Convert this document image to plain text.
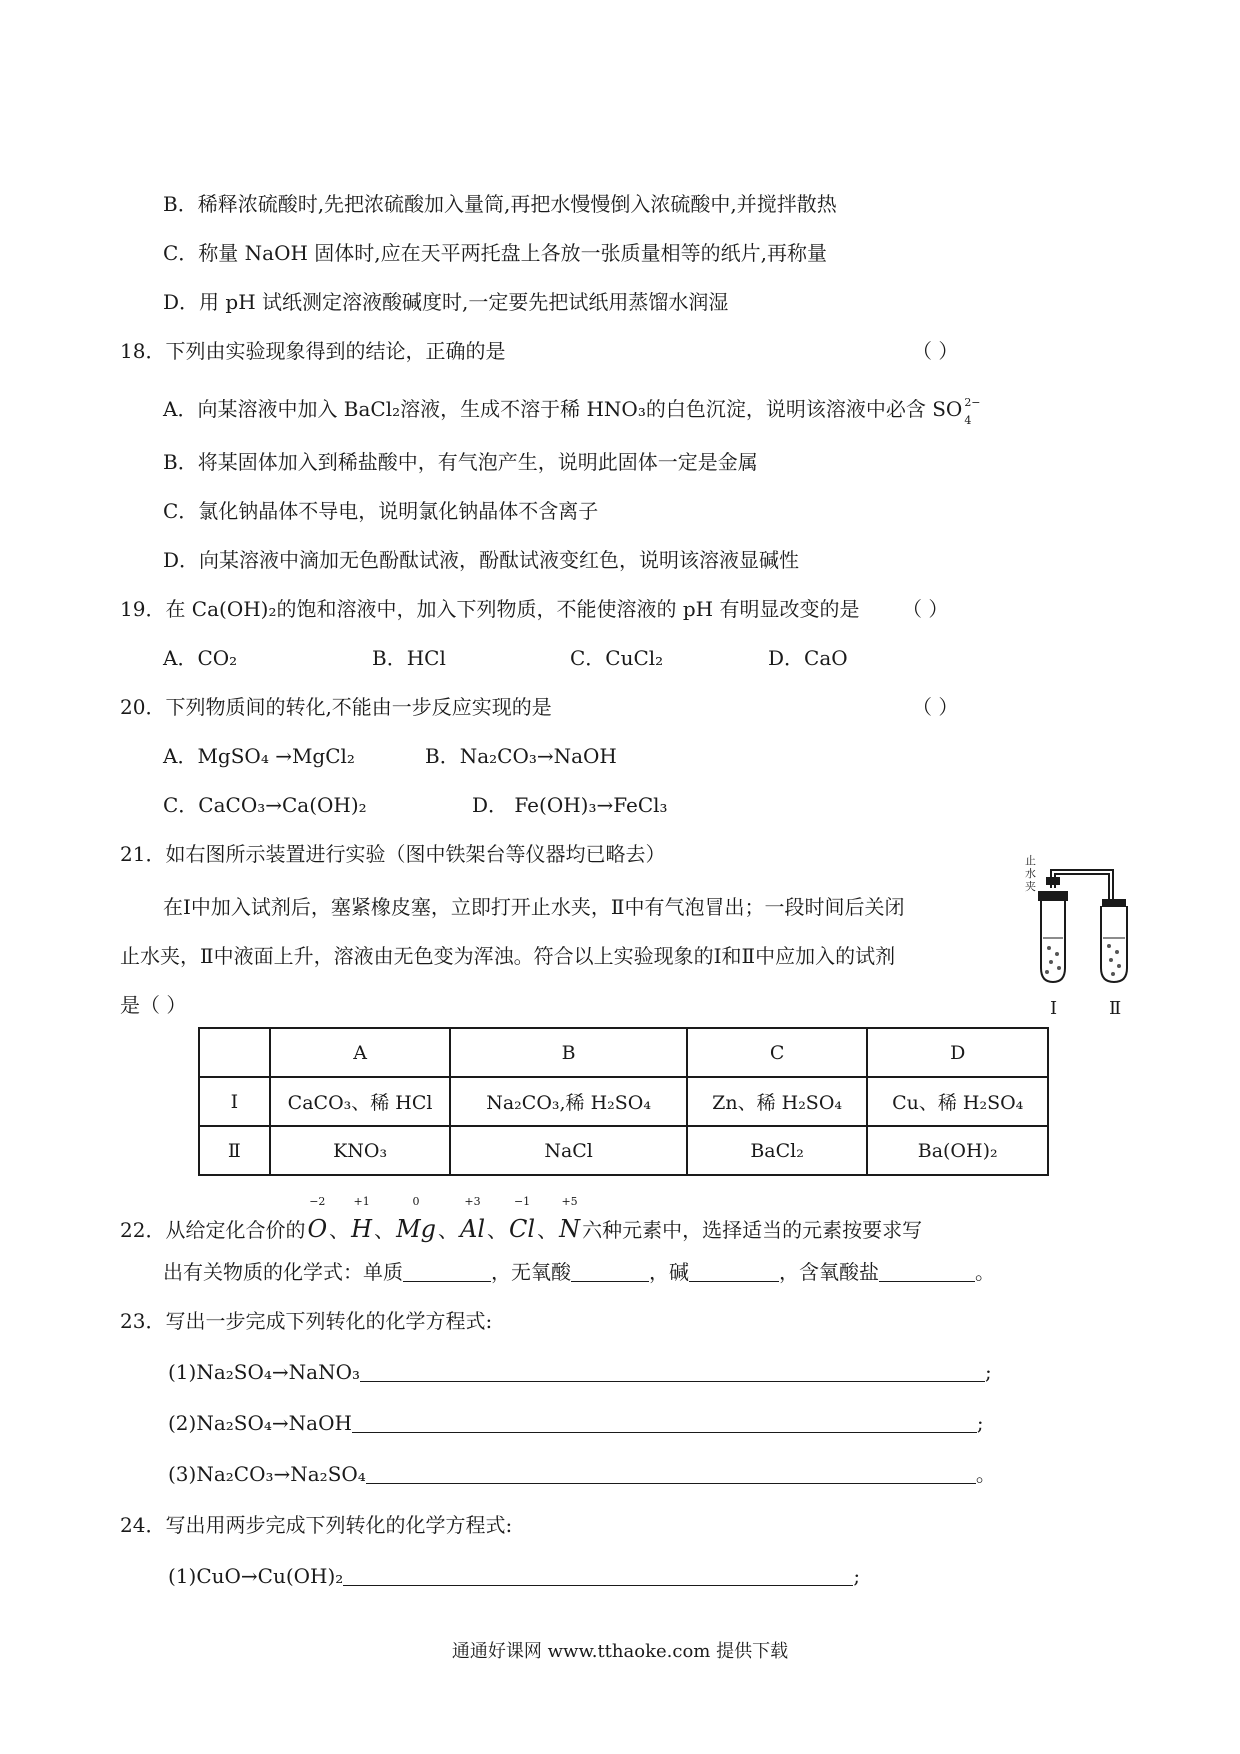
B．稀释浓硫酸时,先把浓硫酸加入量筒,再把水慢慢倒入浓硫酸中,并搅拌散热
C．称量 NaOH 固体时,应在天平两托盘上各放一张质量相等的纸片,再称量
D．用 pH 试纸测定溶液酸碱度时,一定要先把试纸用蒸馏水润湿
18．下列由实验现象得到的结论，正确的是	（ ）
A．向某溶液中加入 BaCl₂溶液，生成不溶于稀 HNO₃的白色沉淀，说明该溶液中必含 SO 2−
4
B．将某固体加入到稀盐酸中，有气泡产生，说明此固体一定是金属
C．氯化钠晶体不导电，说明氯化钠晶体不含离子
D．向某溶液中滴加无色酚酞试液，酚酞试液变红色，说明该溶液显碱性
19．在 Ca(OH)₂的饱和溶液中，加入下列物质，不能使溶液的 pH 有明显改变的是 （ ）
A．CO₂	B．HCl	C．CuCl₂	D．CaO
20．下列物质间的转化,不能由一步反应实现的是	（ ）
A．MgSO₄ →MgCl₂	B．Na₂CO₃→NaOH
C．CaCO₃→Ca(OH)₂	D． Fe(OH)₃→FeCl₃
21．如右图所示装置进行实验（图中铁架台等仪器均已略去）
在Ⅰ中加入试剂后，塞紧橡皮塞，立即打开止水夹，Ⅱ中有气泡冒出；一段时间后关闭
止水夹，Ⅱ中液面上升，溶液由无色变为浑浊。符合以上实验现象的Ⅰ和Ⅱ中应加入的试剂
是（ ）
止水夹
Ⅰ	Ⅱ
	A	B	C	D
Ⅰ	CaCO₃、稀 HCl	Na₂CO₃,稀 H₂SO₄	Zn、稀 H₂SO₄	Cu、稀 H₂SO₄
Ⅱ	KNO₃	NaCl	BaCl₂	Ba(OH)₂
22．从给定化合价的
−2
O 、
+1
H 、
0
Mg 、
+3
Al 、
−1
Cl 、
+5
N 六种元素中，选择适当的元素按要求写
出有关物质的化学式：单质	，无氧酸	，碱	，含氧酸盐	。
23．写出一步完成下列转化的化学方程式:
(1)Na₂SO₄→NaNO₃	;
(2)Na₂SO₄→NaOH	;
(3)Na₂CO₃→Na₂SO₄	。
24．写出用两步完成下列转化的化学方程式:
(1)CuO→Cu(OH)₂	;
通通好课网 www.tthaoke.com 提供下载
